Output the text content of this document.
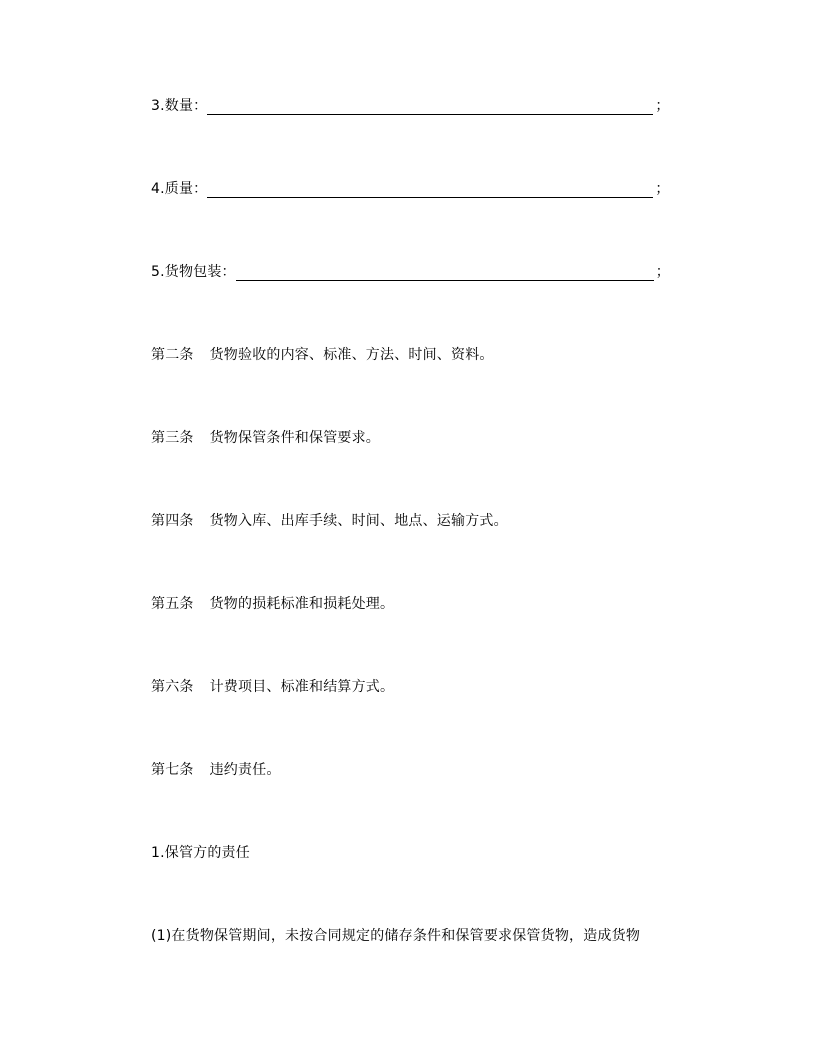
3.数量：	；
4.质量：	；
5.货物包装：	；
第二条 货物验收的内容、标准、方法、时间、资料。
第三条 货物保管条件和保管要求。
第四条 货物入库、出库手续、时间、地点、运输方式。
第五条 货物的损耗标准和损耗处理。
第六条 计费项目、标准和结算方式。
第七条 违约责任。
1.保管方的责任
(1)在货物保管期间，未按合同规定的储存条件和保管要求保管货物，造成货物
